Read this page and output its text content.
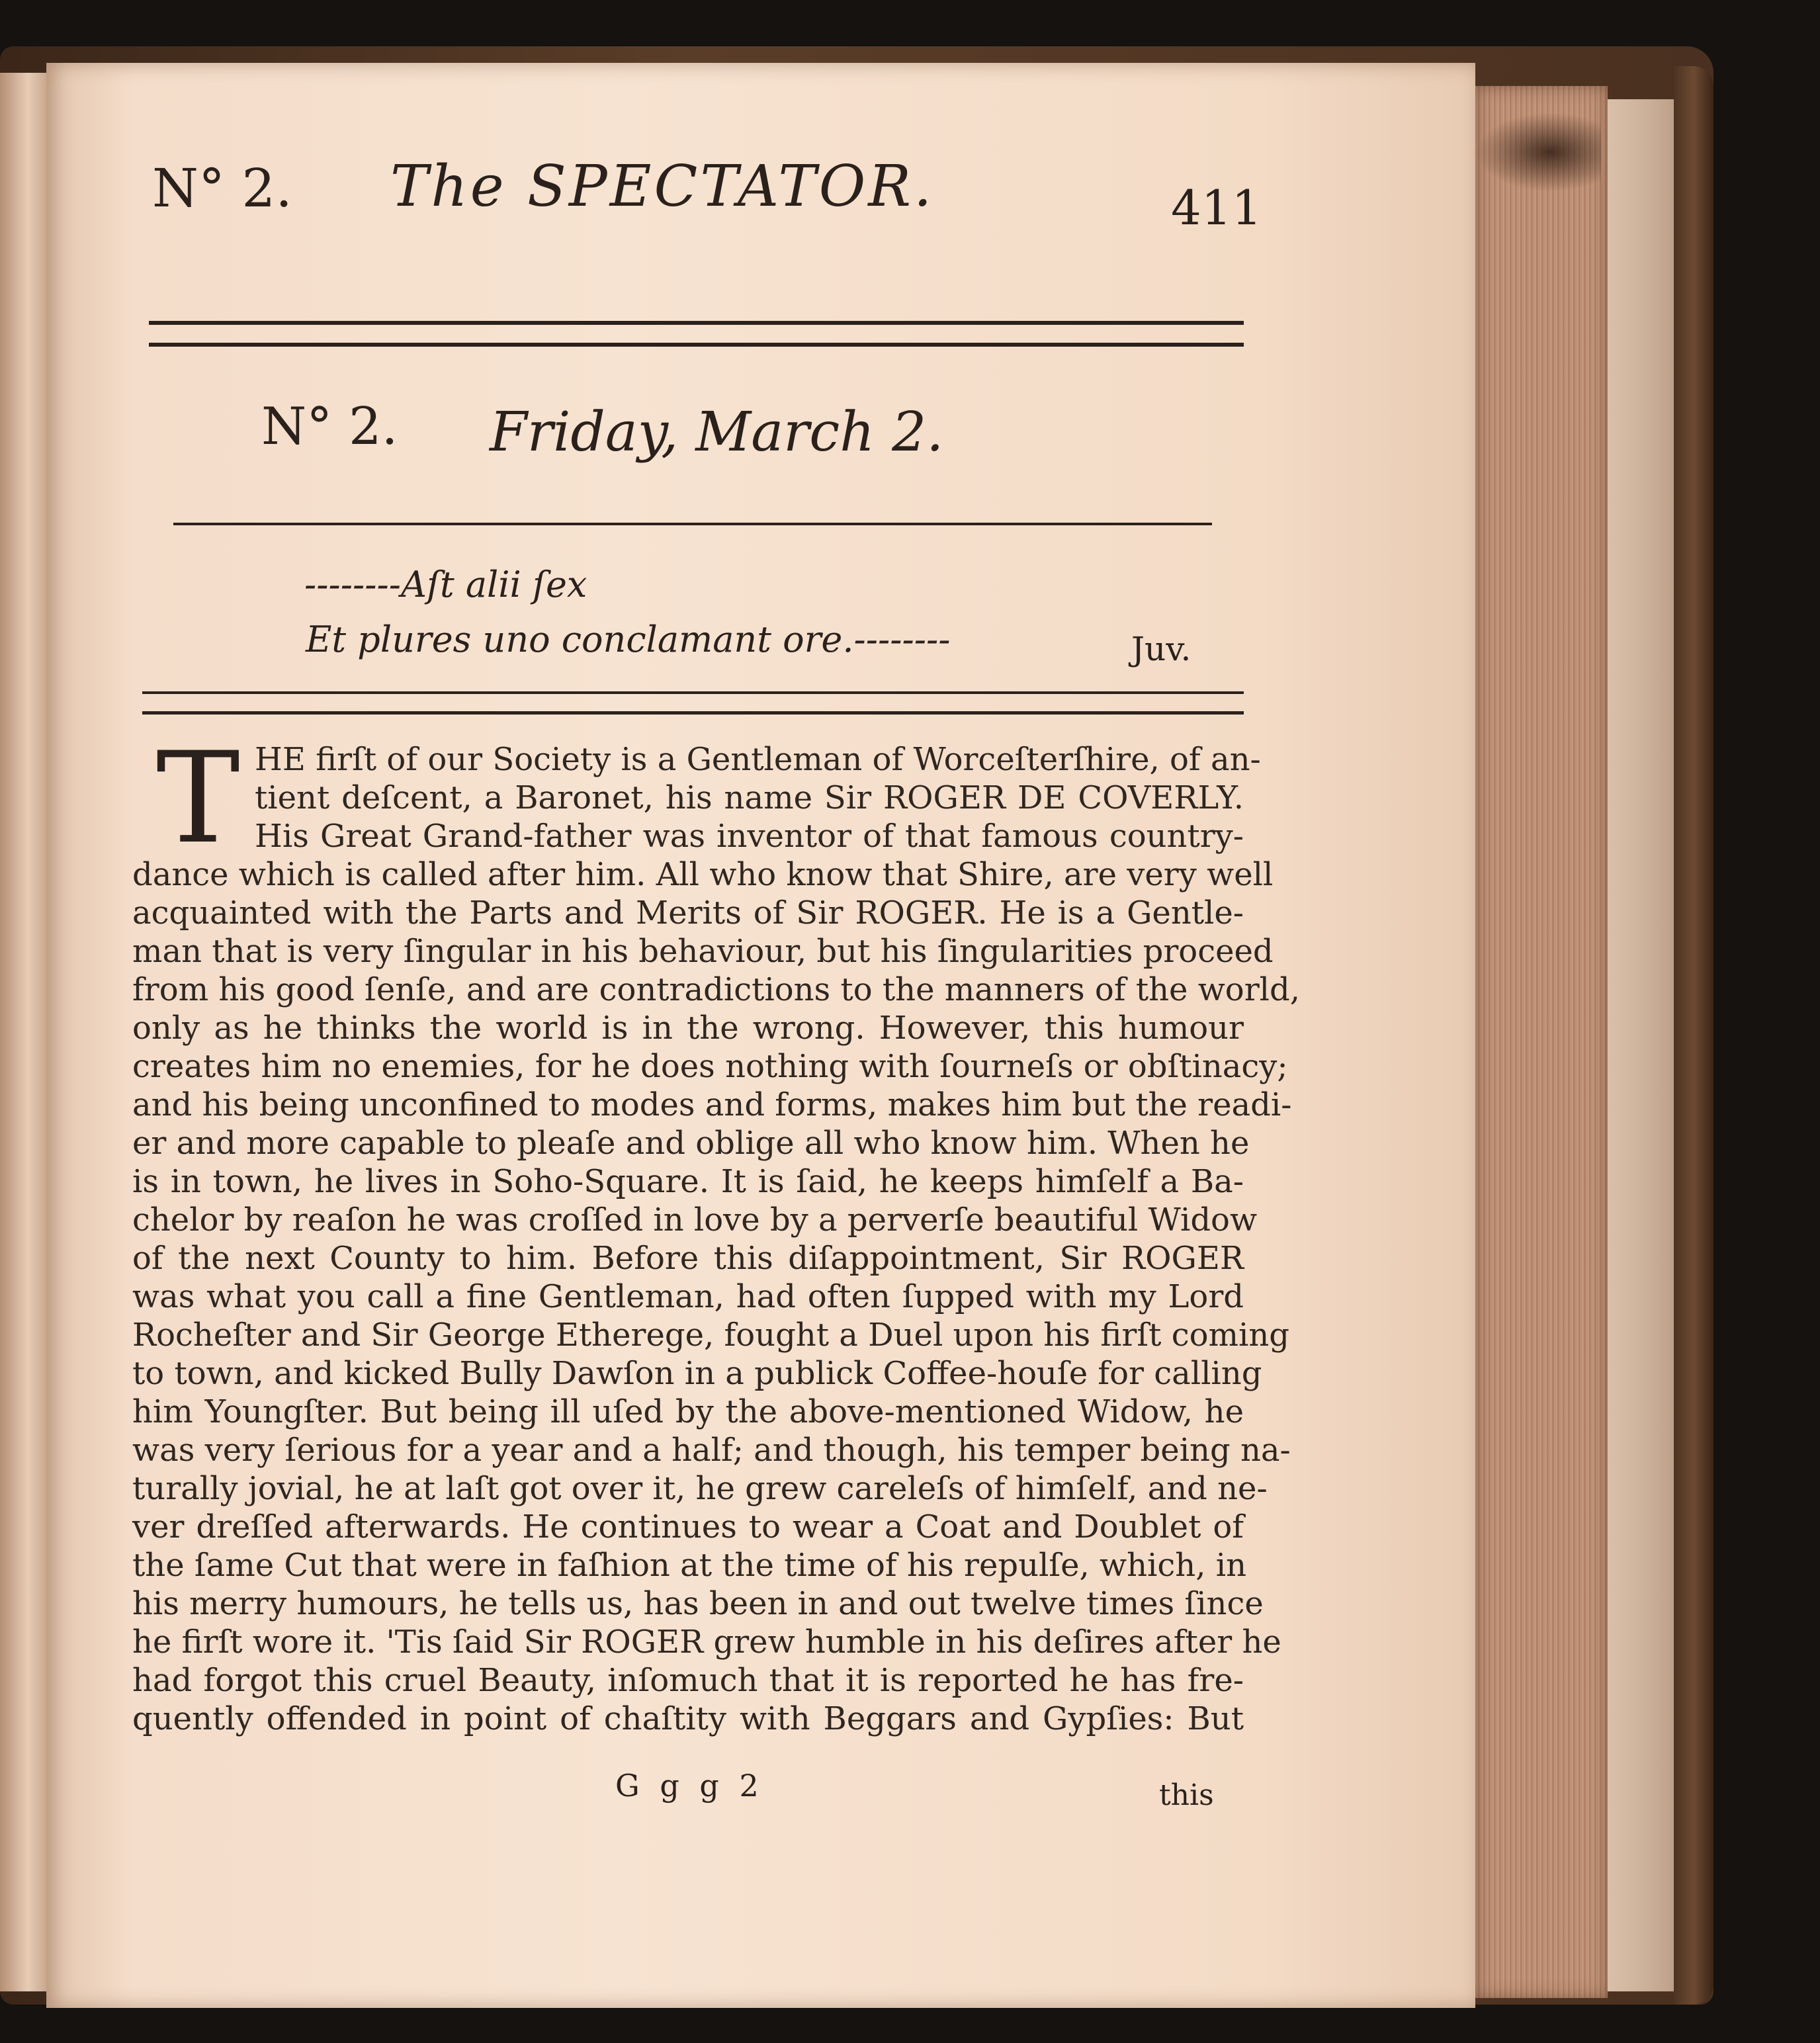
N° 2. The SPECTATOR.	411
N° 2. Friday, March 2.
--------Aſt alii ſex
Et plures uno conclamant ore.--------	Juv.
T HE firſt of our Society is a Gentleman of Worceſterſhire, of an-
tient deſcent, a Baronet, his name Sir ROGER DE COVERLY.
His Great Grand-father was inventor of that famous country-
dance which is called after him. All who know that Shire, are very well
acquainted with the Parts and Merits of Sir ROGER. He is a Gentle-
man that is very ſingular in his behaviour, but his ſingularities proceed
from his good ſenſe, and are contradictions to the manners of the world,
only as he thinks the world is in the wrong. However, this humour
creates him no enemies, for he does nothing with ſourneſs or obſtinacy;
and his being unconfined to modes and forms, makes him but the readi-
er and more capable to pleaſe and oblige all who know him. When he
is in town, he lives in Soho-Square. It is ſaid, he keeps himſelf a Ba-
chelor by reaſon he was croſſed in love by a perverſe beautiful Widow
of the next County to him. Before this diſappointment, Sir ROGER
was what you call a fine Gentleman, had often ſupped with my Lord
Rocheſter and Sir George Etherege, fought a Duel upon his firſt coming
to town, and kicked Bully Dawſon in a publick Coffee-houſe for calling
him Youngſter. But being ill uſed by the above-mentioned Widow, he
was very ſerious for a year and a half; and though, his temper being na-
turally jovial, he at laſt got over it, he grew careleſs of himſelf, and ne-
ver dreſſed afterwards. He continues to wear a Coat and Doublet of
the ſame Cut that were in faſhion at the time of his repulſe, which, in
his merry humours, he tells us, has been in and out twelve times ſince
he firſt wore it. 'Tis ſaid Sir ROGER grew humble in his deſires after he
had forgot this cruel Beauty, inſomuch that it is reported he has fre-
quently offended in point of chaſtity with Beggars and Gypſies: But
G g g 2	this
